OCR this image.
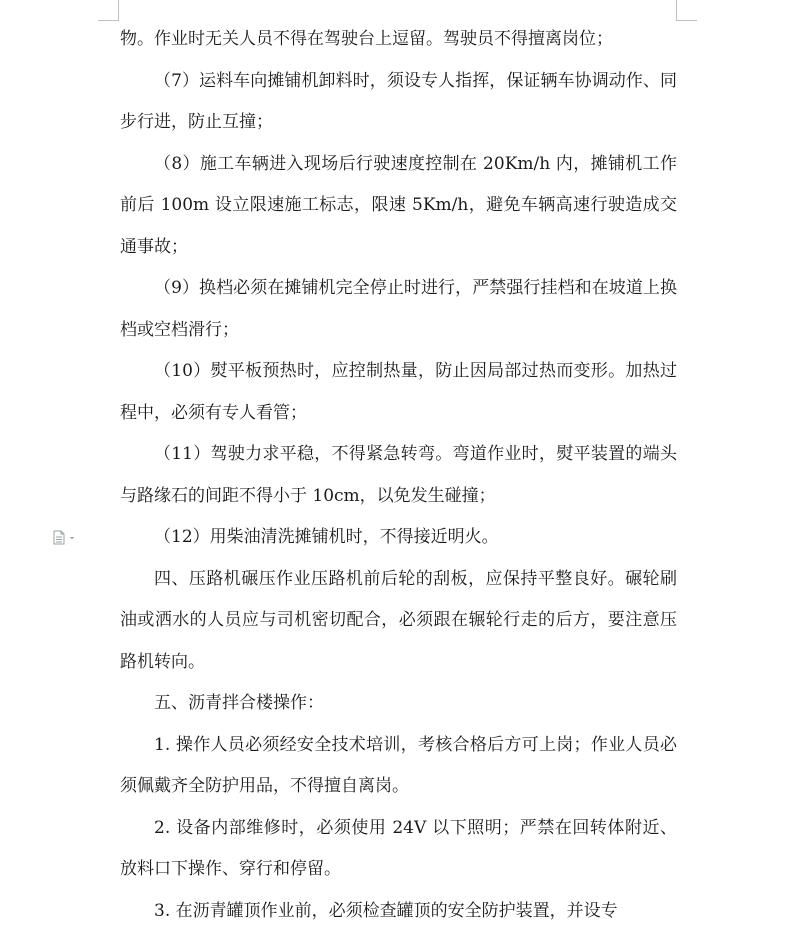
物。作业时无关人员不得在驾驶台上逗留。驾驶员不得擅离岗位；

（7）运料车向摊铺机卸料时，须设专人指挥，保证辆车协调动作、同步行进，防止互撞；

（8）施工车辆进入现场后行驶速度控制在 20Km/h 内，摊铺机工作前后 100m 设立限速施工标志，限速 5Km/h，避免车辆高速行驶造成交通事故；

（9）换档必须在摊铺机完全停止时进行，严禁强行挂档和在坡道上换档或空档滑行；

（10）熨平板预热时，应控制热量，防止因局部过热而变形。加热过程中，必须有专人看管；

（11）驾驶力求平稳，不得紧急转弯。弯道作业时，熨平装置的端头与路缘石的间距不得小于 10cm，以免发生碰撞；

（12）用柴油清洗摊铺机时，不得接近明火。

四、压路机碾压作业压路机前后轮的刮板，应保持平整良好。碾轮刷油或洒水的人员应与司机密切配合，必须跟在辗轮行走的后方，要注意压路机转向。

五、沥青拌合楼操作：

1. 操作人员必须经安全技术培训，考核合格后方可上岗；作业人员必须佩戴齐全防护用品，不得擅自离岗。

2. 设备内部维修时，必须使用 24V 以下照明；严禁在回转体附近、放料口下操作、穿行和停留。

3. 在沥青罐顶作业前，必须检查罐顶的安全防护装置，并设专
